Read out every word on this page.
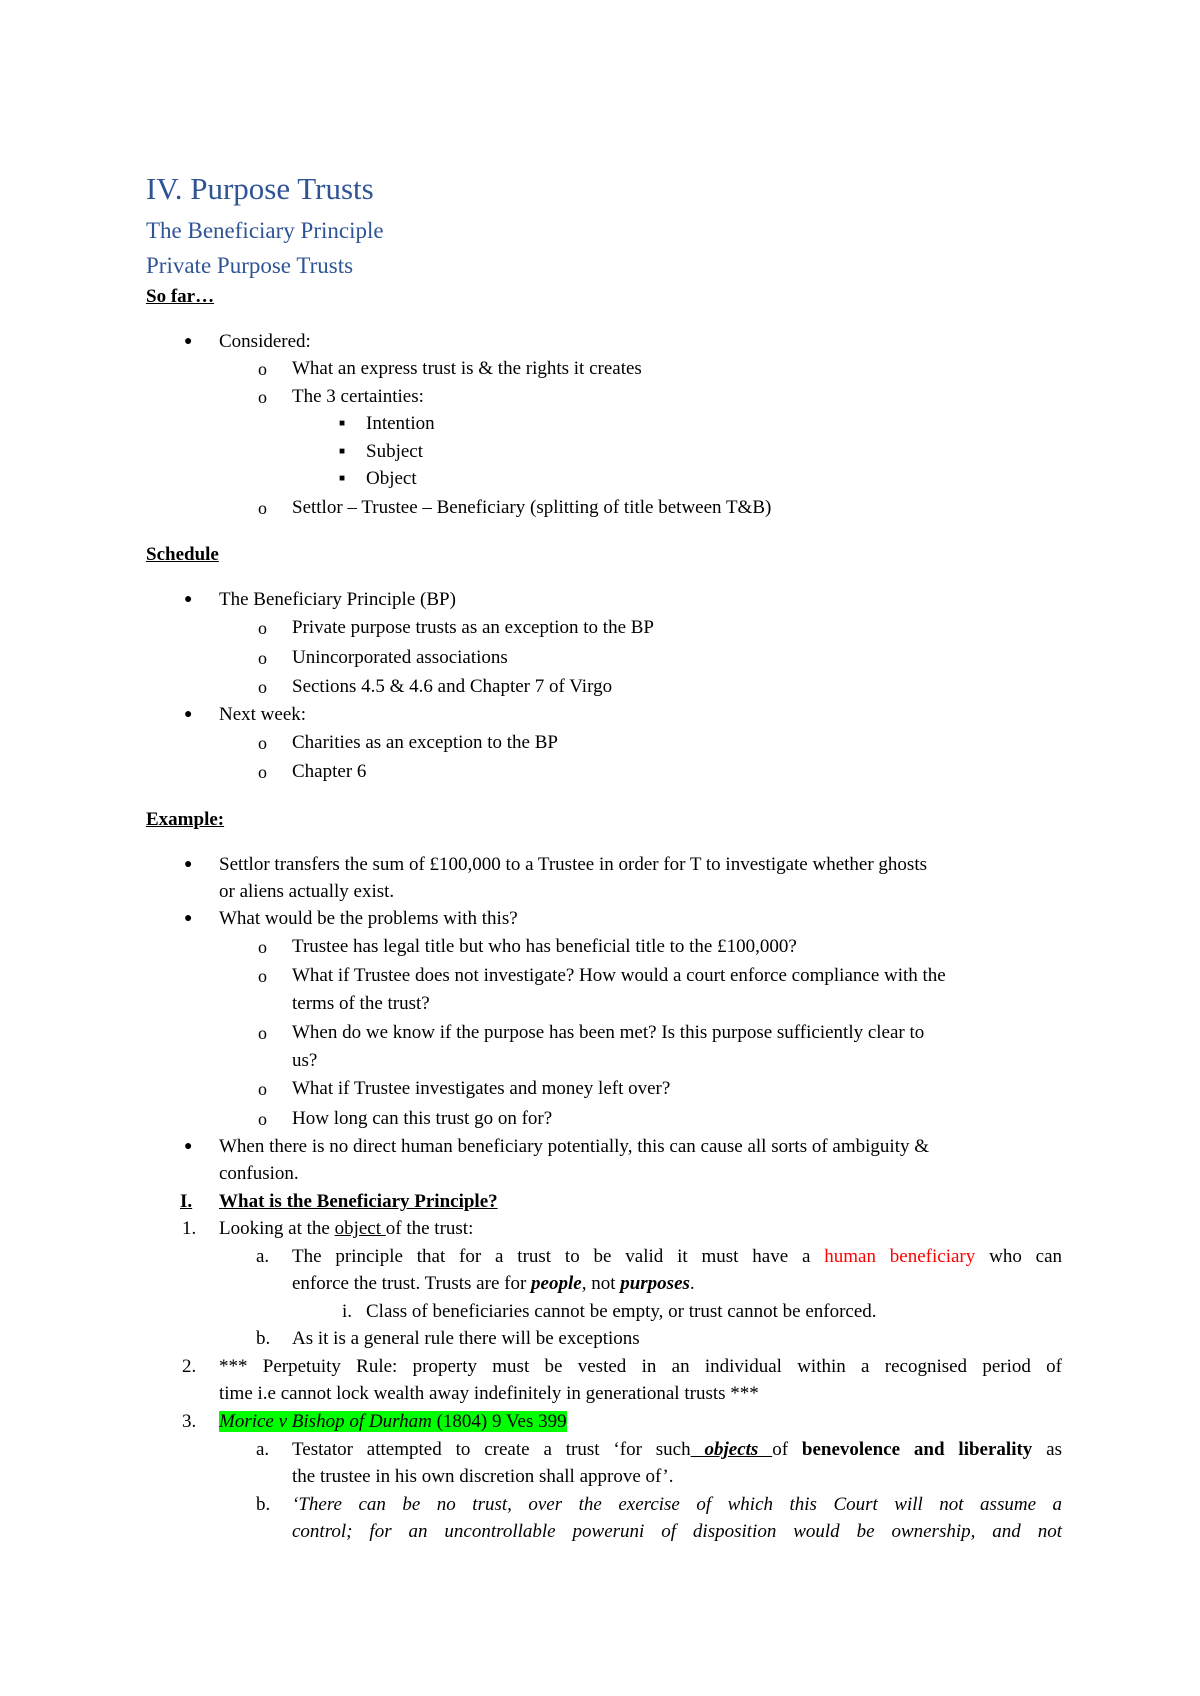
IV. Purpose Trusts
The Beneficiary Principle
Private Purpose Trusts
So far…
● Considered:
o What an express trust is & the rights it creates
o The 3 certainties:
■ Intention
■ Subject
■ Object
o Settlor – Trustee – Beneficiary (splitting of title between T&B)
Schedule
● The Beneficiary Principle (BP)
o Private purpose trusts as an exception to the BP
o Unincorporated associations
o Sections 4.5 & 4.6 and Chapter 7 of Virgo
● Next week:
o Charities as an exception to the BP
o Chapter 6
Example:
● Settlor transfers the sum of £100,000 to a Trustee in order for T to investigate whether ghosts
or aliens actually exist.
● What would be the problems with this?
o Trustee has legal title but who has beneficial title to the £100,000?
o What if Trustee does not investigate? How would a court enforce compliance with the
terms of the trust?
o When do we know if the purpose has been met? Is this purpose sufficiently clear to
us?
o What if Trustee investigates and money left over?
o How long can this trust go on for?
● When there is no direct human beneficiary potentially, this can cause all sorts of ambiguity &
confusion.
I. What is the Beneficiary Principle?
1. Looking at the object of the trust:
a. The principle that for a trust to be valid it must have a human beneficiary who can
enforce the trust. Trusts are for people, not purposes.
i. Class of beneficiaries cannot be empty, or trust cannot be enforced.
b. As it is a general rule there will be exceptions
2. *** Perpetuity Rule: property must be vested in an individual within a recognised period of
time i.e cannot lock wealth away indefinitely in generational trusts ***
3. Morice v Bishop of Durham (1804) 9 Ves 399
a. Testator attempted to create a trust ‘for such objects of benevolence and liberality as
the trustee in his own discretion shall approve of’.
b. ‘There can be no trust, over the exercise of which this Court will not assume a
control; for an uncontrollable poweruni of disposition would be ownership, and not
